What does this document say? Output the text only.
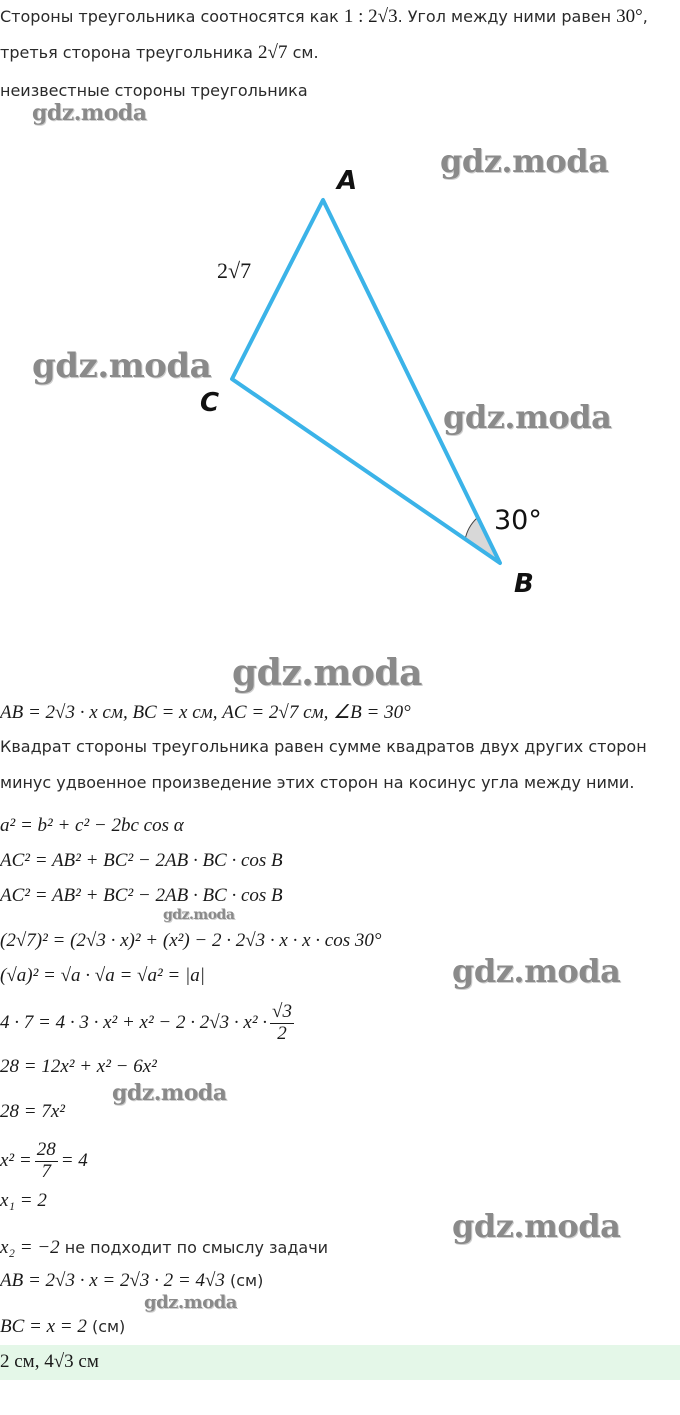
Стороны треугольника соотносятся как 1 : 2√3. Угол между ними равен 30°,
третья сторона треугольника 2√7 см.
неизвестные стороны треугольника
gdz.moda
gdz.moda
gdz.moda
gdz.moda
gdz.moda
gdz.moda
gdz.moda
gdz.moda
gdz.moda
gdz.moda
A
C
B
2√7
30°
AB = 2√3 · x см, BC = x см, AC = 2√7 см, ∠B = 30°
Квадрат стороны треугольника равен сумме квадратов двух других сторон
минус удвоенное произведение этих сторон на косинус угла между ними.
a² = b² + c² − 2bc cos α
AC² = AB² + BC² − 2AB · BC · cos B
AC² = AB² + BC² − 2AB · BC · cos B
(2√7)² = (2√3 · x)² + (x²) − 2 · 2√3 · x · x · cos 30°
(√a)² = √a · √a = √a² = |a|
$4 \cdot 7 = 4 \cdot 3 \cdot x^2 + x^2 - 2 \cdot 2√3 \cdot x^2 \cdot \frac{√3}{2}$
28 = 12x² + x² − 6x²
28 = 7x²
$x^2 = \frac{28}{7} = 4$
x₁ = 2
x₂ = −2 не подходит по смыслу задачи
AB = 2√3 · x = 2√3 · 2 = 4√3 (см)
BC = x = 2 (см)
2 см, 4√3 см
